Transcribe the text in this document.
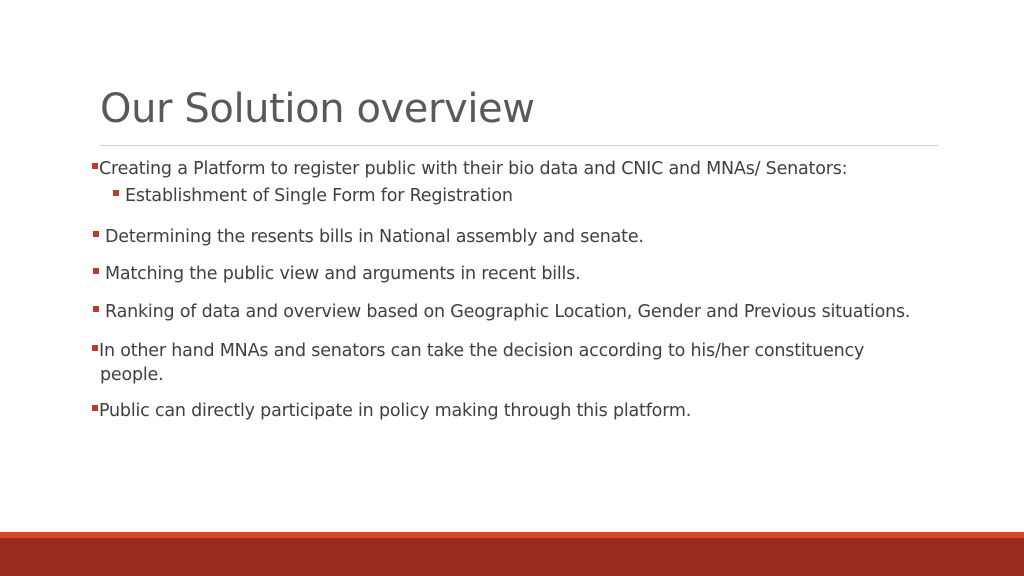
Our Solution overview
Creating a Platform to register public with their bio data and CNIC and MNAs/ Senators:
Establishment of Single Form for Registration
Determining the resents bills in National assembly and senate.
Matching the public view and arguments in recent bills.
Ranking of data and overview based on Geographic Location, Gender and Previous situations.
In other hand MNAs and senators can take the decision according to his/her constituency
people.
Public can directly participate in policy making through this platform.
